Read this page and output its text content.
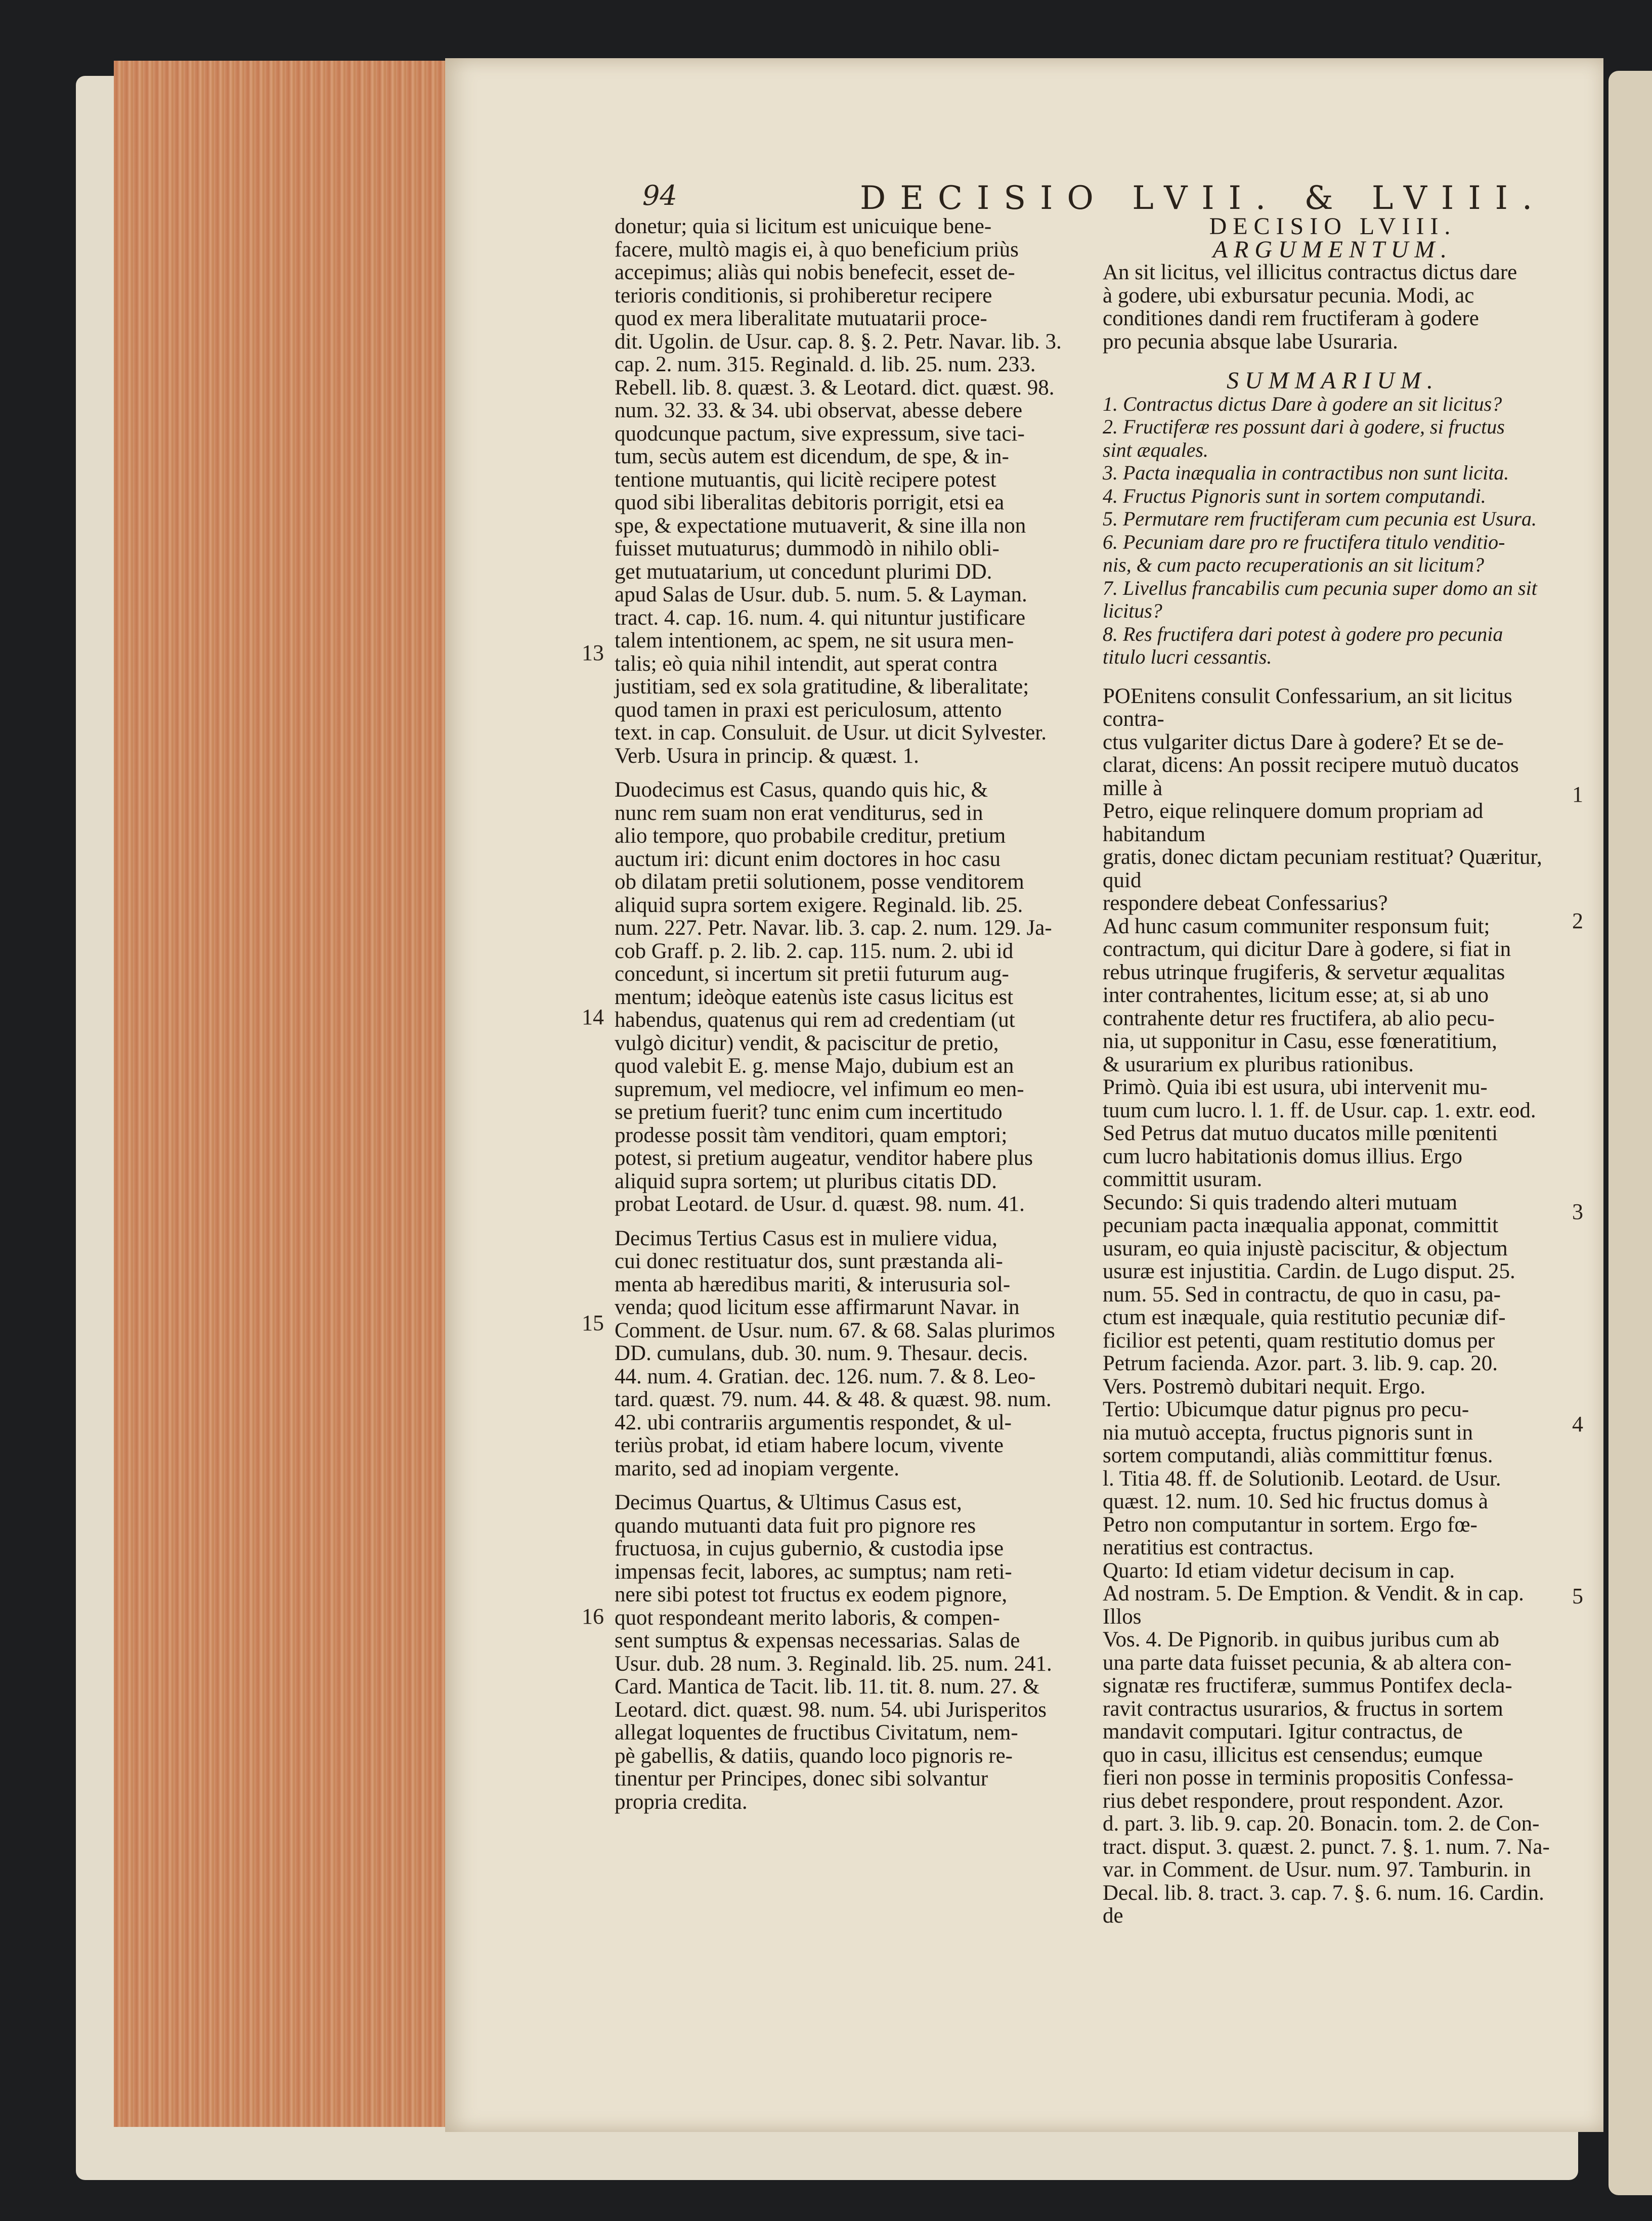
94	DECISIO LVII. & LVIII.

donetur; quia si licitum est unicuique bene-

facere, multò magis ei, à quo beneficium priùs

accepimus; aliàs qui nobis benefecit, esset de-

terioris conditionis, si prohiberetur recipere

quod ex mera liberalitate mutuatarii proce-

dit. Ugolin. de Usur. cap. 8. §. 2. Petr. Navar. lib. 3.

cap. 2. num. 315. Reginald. d. lib. 25. num. 233.

Rebell. lib. 8. quæst. 3. & Leotard. dict. quæst. 98.

num. 32. 33. & 34. ubi observat, abesse debere

quodcunque pactum, sive expressum, sive taci-

tum, secùs autem est dicendum, de spe, & in-

tentione mutuantis, qui licitè recipere potest

quod sibi liberalitas debitoris porrigit, etsi ea

spe, & expectatione mutuaverit, & sine illa non

fuisset mutuaturus; dummodò in nihilo obli-

get mutuatarium, ut concedunt plurimi DD.

apud Salas de Usur. dub. 5. num. 5. & Layman.

tract. 4. cap. 16. num. 4. qui nituntur justificare

talem intentionem, ac spem, ne sit usura men-

talis; eò quia nihil intendit, aut sperat contra

justitiam, sed ex sola gratitudine, & liberalitate;

quod tamen in praxi est periculosum, attento

text. in cap. Consuluit. de Usur. ut dicit Sylvester.

Verb. Usura in princip. & quæst. 1.

Duodecimus est Casus, quando quis hic, &

nunc rem suam non erat venditurus, sed in

alio tempore, quo probabile creditur, pretium

auctum iri: dicunt enim doctores in hoc casu

ob dilatam pretii solutionem, posse venditorem

aliquid supra sortem exigere. Reginald. lib. 25.

num. 227. Petr. Navar. lib. 3. cap. 2. num. 129. Ja-

cob Graff. p. 2. lib. 2. cap. 115. num. 2. ubi id

concedunt, si incertum sit pretii futurum aug-

mentum; ideòque eatenùs iste casus licitus est

habendus, quatenus qui rem ad credentiam (ut

vulgò dicitur) vendit, & paciscitur de pretio,

quod valebit E. g. mense Majo, dubium est an

supremum, vel mediocre, vel infimum eo men-

se pretium fuerit? tunc enim cum incertitudo

prodesse possit tàm venditori, quam emptori;

potest, si pretium augeatur, venditor habere plus

aliquid supra sortem; ut pluribus citatis DD.

probat Leotard. de Usur. d. quæst. 98. num. 41.

Decimus Tertius Casus est in muliere vidua,

cui donec restituatur dos, sunt præstanda ali-

menta ab hæredibus mariti, & interusuria sol-

venda; quod licitum esse affirmarunt Navar. in

Comment. de Usur. num. 67. & 68. Salas plurimos

DD. cumulans, dub. 30. num. 9. Thesaur. decis.

44. num. 4. Gratian. dec. 126. num. 7. & 8. Leo-

tard. quæst. 79. num. 44. & 48. & quæst. 98. num.

42. ubi contrariis argumentis respondet, & ul-

teriùs probat, id etiam habere locum, vivente

marito, sed ad inopiam vergente.

Decimus Quartus, & Ultimus Casus est,

quando mutuanti data fuit pro pignore res

fructuosa, in cujus gubernio, & custodia ipse

impensas fecit, labores, ac sumptus; nam reti-

nere sibi potest tot fructus ex eodem pignore,

quot respondeant merito laboris, & compen-

sent sumptus & expensas necessarias. Salas de

Usur. dub. 28 num. 3. Reginald. lib. 25. num. 241.

Card. Mantica de Tacit. lib. 11. tit. 8. num. 27. &

Leotard. dict. quæst. 98. num. 54. ubi Jurisperitos

allegat loquentes de fructibus Civitatum, nem-

pè gabellis, & datiis, quando loco pignoris re-

tinentur per Principes, donec sibi solvantur

propria credita.

DECISIO LVIII.

ARGUMENTUM.

An sit licitus, vel illicitus contractus dictus dare

à godere, ubi exbursatur pecunia. Modi, ac

conditiones dandi rem fructiferam à godere

pro pecunia absque labe Usuraria.

SUMMARIUM.

1. Contractus dictus Dare à godere an sit licitus?

2. Fructiferæ res possunt dari à godere, si fructus

sint æquales.

3. Pacta inæqualia in contractibus non sunt licita.

4. Fructus Pignoris sunt in sortem computandi.

5. Permutare rem fructiferam cum pecunia est Usura.

6. Pecuniam dare pro re fructifera titulo venditio-

nis, & cum pacto recuperationis an sit licitum?

7. Livellus francabilis cum pecunia super domo an sit

licitus?

8. Res fructifera dari potest à godere pro pecunia

titulo lucri cessantis.

POEnitens consulit Confessarium, an sit licitus contra-

ctus vulgariter dictus Dare à godere? Et se de-

clarat, dicens: An possit recipere mutuò ducatos mille à

Petro, eique relinquere domum propriam ad habitandum

gratis, donec dictam pecuniam restituat? Quæritur, quid

respondere debeat Confessarius?

Ad hunc casum communiter responsum fuit;

contractum, qui dicitur Dare à godere, si fiat in

rebus utrinque frugiferis, & servetur æqualitas

inter contrahentes, licitum esse; at, si ab uno

contrahente detur res fructifera, ab alio pecu-

nia, ut supponitur in Casu, esse fœneratitium,

& usurarium ex pluribus rationibus.

Primò. Quia ibi est usura, ubi intervenit mu-

tuum cum lucro. l. 1. ff. de Usur. cap. 1. extr. eod.

Sed Petrus dat mutuo ducatos mille pœnitenti

cum lucro habitationis domus illius. Ergo

committit usuram.

Secundo: Si quis tradendo alteri mutuam

pecuniam pacta inæqualia apponat, committit

usuram, eo quia injustè paciscitur, & objectum

usuræ est injustitia. Cardin. de Lugo disput. 25.

num. 55. Sed in contractu, de quo in casu, pa-

ctum est inæquale, quia restitutio pecuniæ dif-

ficilior est petenti, quam restitutio domus per

Petrum facienda. Azor. part. 3. lib. 9. cap. 20.

Vers. Postremò dubitari nequit. Ergo.

Tertio: Ubicumque datur pignus pro pecu-

nia mutuò accepta, fructus pignoris sunt in

sortem computandi, aliàs committitur fœnus.

l. Titia 48. ff. de Solutionib. Leotard. de Usur.

quæst. 12. num. 10. Sed hic fructus domus à

Petro non computantur in sortem. Ergo fœ-

neratitius est contractus.

Quarto: Id etiam videtur decisum in cap.

Ad nostram. 5. De Emption. & Vendit. & in cap. Illos

Vos. 4. De Pignorib. in quibus juribus cum ab

una parte data fuisset pecunia, & ab altera con-

signatæ res fructiferæ, summus Pontifex decla-

ravit contractus usurarios, & fructus in sortem

mandavit computari. Igitur contractus, de

quo in casu, illicitus est censendus; eumque

fieri non posse in terminis propositis Confessa-

rius debet respondere, prout respondent. Azor.

d. part. 3. lib. 9. cap. 20. Bonacin. tom. 2. de Con-

tract. disput. 3. quæst. 2. punct. 7. §. 1. num. 7. Na-

var. in Comment. de Usur. num. 97. Tamburin. in

Decal. lib. 8. tract. 3. cap. 7. §. 6. num. 16. Cardin.

de

13
14
15
16
1
2
3
4
5
